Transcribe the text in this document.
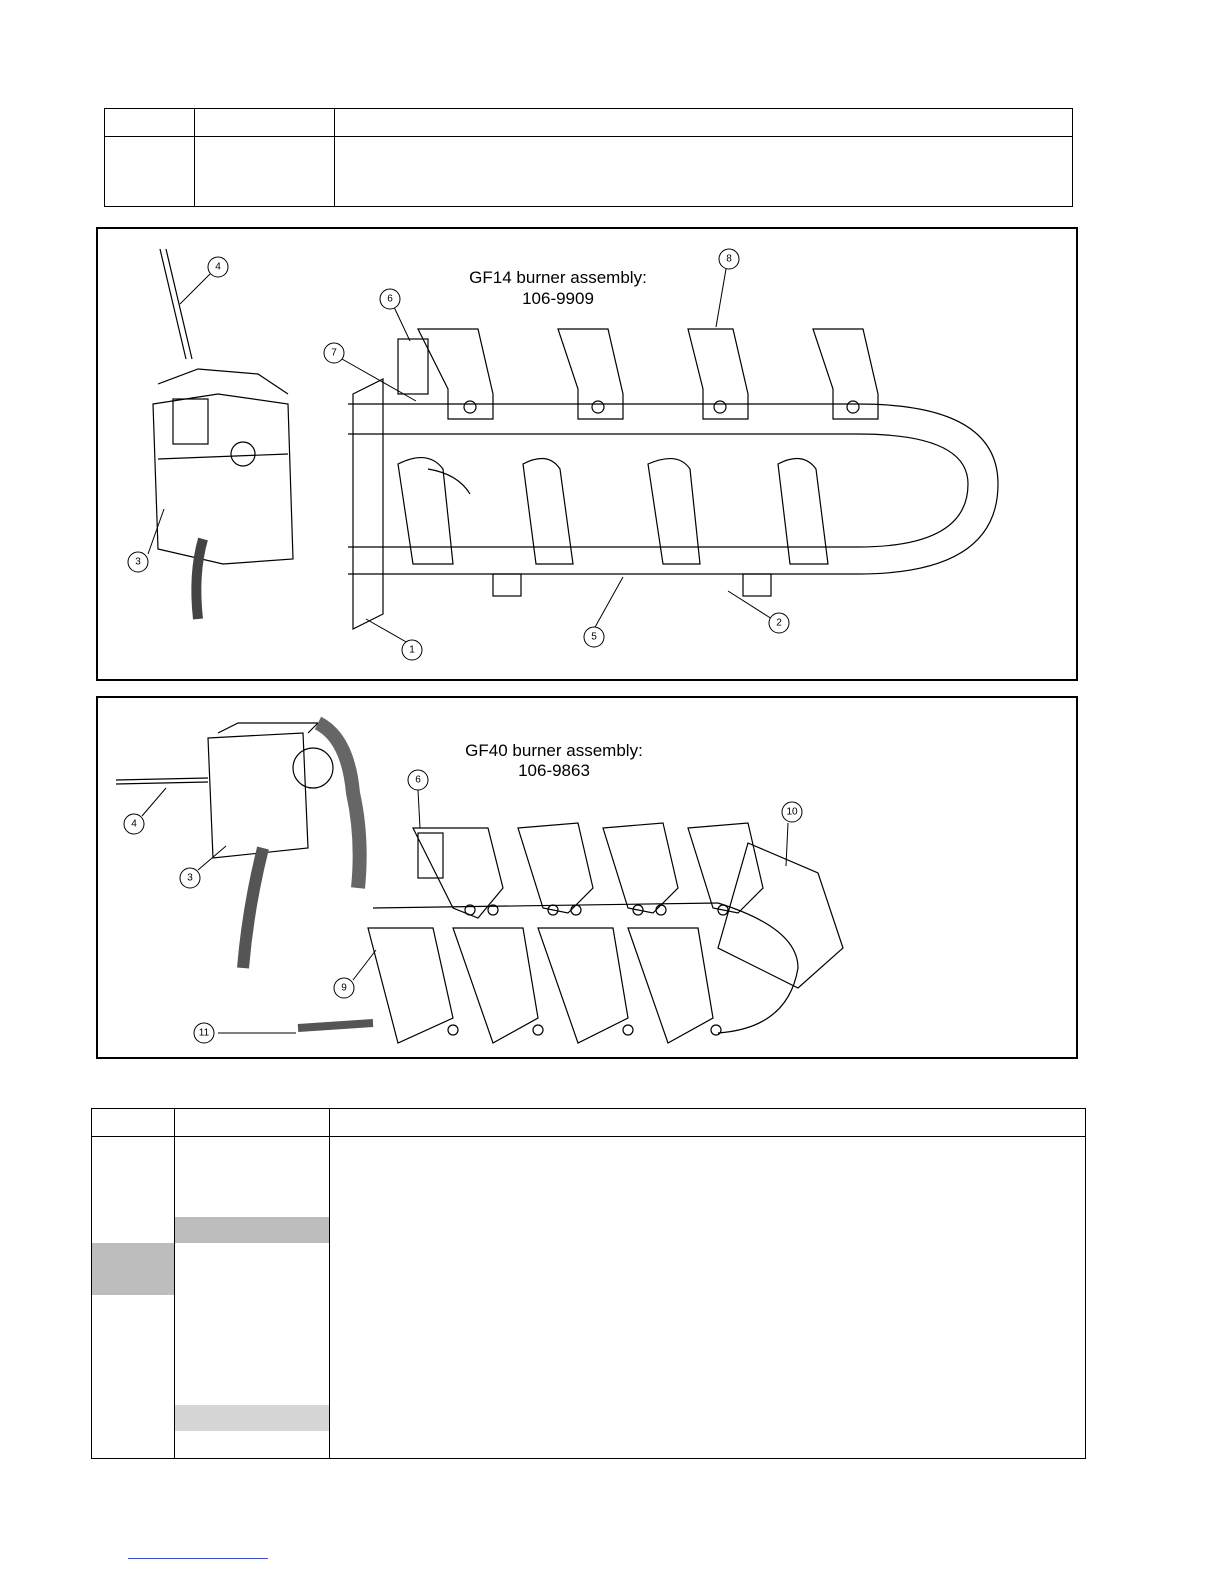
4
6
7
8
3
1
5
2
GF14 burner assembly:
106-9909
4
3
6
9
10
11
GF40 burner assembly:
106-9863
